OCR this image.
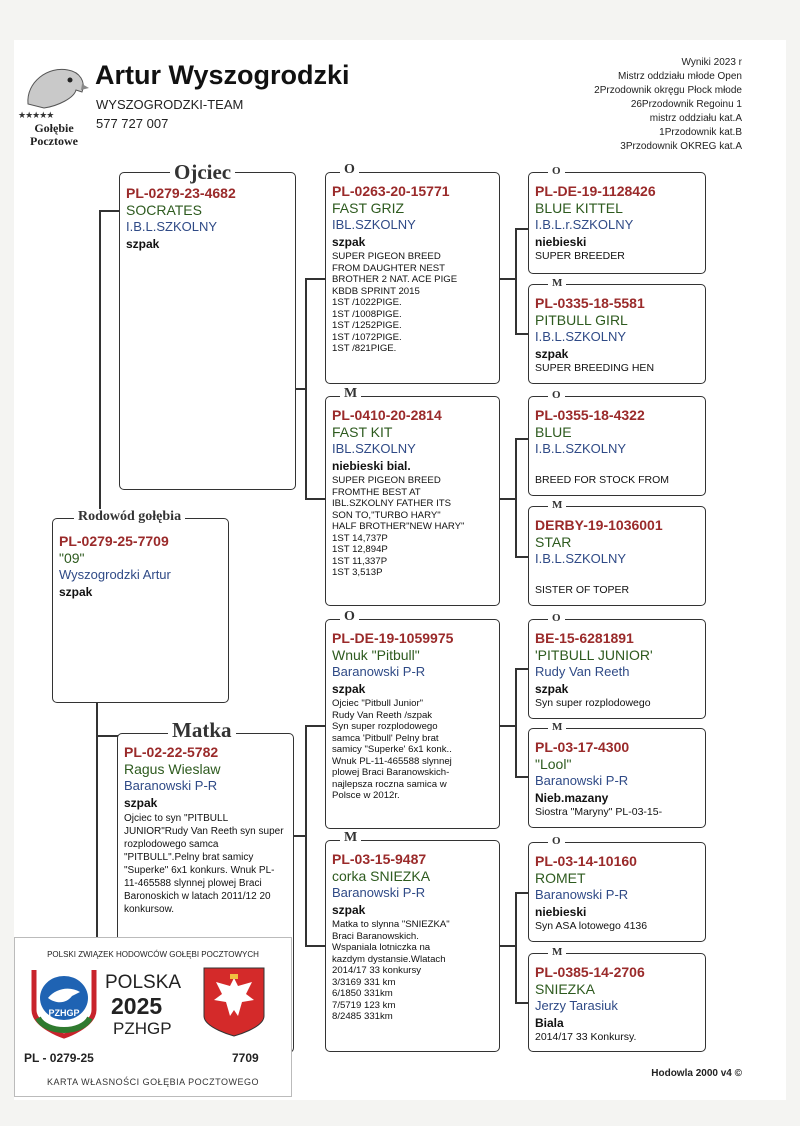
★★★★★
Gołębie Pocztowe
Artur Wyszogrodzki
WYSZOGRODZKI-TEAM
577 727 007
Wyniki 2023 r
Mistrz oddziału młode Open
2Przodownik okręgu Płock młode
26Przodownik Regoinu 1
mistrz oddziału kat.A
1Przodownik kat.B
3Przodownik OKREG kat.A
PL-0279-25-7709
"09"
Wyszogrodzki Artur
szpak
Rodowód gołębia
PL-0279-23-4682
SOCRATES
I.B.L.SZKOLNY
szpak
Ojciec
PL-02-22-5782
Ragus Wieslaw
Baranowski P-R
szpak
Ojciec to syn "PITBULL JUNIOR"Rudy Van Reeth syn super rozplodowego samca "PITBULL".Pelny brat samicy "Superke" 6x1 konkurs. Wnuk PL-11-465588 slynnej plowej Braci Baronoskich w latach 2011/12 20 konkursow.
Matka
PL-0263-20-15771
FAST GRIZ
IBL.SZKOLNY
szpak
SUPER PIGEON BREED
FROM DAUGHTER NEST
BROTHER 2 NAT. ACE PIGE
KBDB SPRINT 2015
1ST /1022PIGE.
1ST /1008PIGE.
1ST /1252PIGE.
1ST /1072PIGE.
1ST /821PIGE.
O
PL-0410-20-2814
FAST KIT
IBL.SZKOLNY
niebieski bial.
SUPER PIGEON BREED
FROMTHE BEST AT
IBL.SZKOLNY FATHER ITS
SON TO,"TURBO HARY"
HALF BROTHER"NEW HARY"
1ST 14,737P
1ST 12,894P
1ST 11,337P
1ST 3,513P
M
PL-DE-19-1059975
Wnuk "Pitbull"
Baranowski P-R
szpak
Ojciec "Pitbull Junior"
Rudy Van Reeth /szpak
Syn super rozplodowego
samca 'Pitbull' Pelny brat
samicy "Superke' 6x1 konk..
Wnuk PL-11-465588 slynnej
plowej Braci Baranowskich-
najlepsza roczna samica w
Polsce w 2012r.
O
PL-03-15-9487
corka SNIEZKA
Baranowski P-R
szpak
Matka to slynna "SNIEZKA"
Braci Baranowskich.
Wspaniala lotniczka na
kazdym dystansie.Wlatach
2014/17 33 konkursy
3/3169 331 km
6/1850 331km
7/5719 123 km
8/2485 331km
M
PL-DE-19-1128426
BLUE KITTEL
I.B.L.r.SZKOLNY
niebieski
SUPER BREEDER
O
PL-0335-18-5581
PITBULL GIRL
I.B.L.SZKOLNY
szpak
SUPER BREEDING HEN
M
PL-0355-18-4322
BLUE
I.B.L.SZKOLNY
BREED FOR STOCK FROM
O
DERBY-19-1036001
STAR
I.B.L.SZKOLNY
SISTER OF TOPER
M
BE-15-6281891
'PITBULL JUNIOR'
Rudy Van Reeth
szpak
Syn super rozplodowego
O
PL-03-17-4300
"Lool"
Baranowski P-R
Nieb.mazany
Siostra "Maryny" PL-03-15-
M
PL-03-14-10160
ROMET
Baranowski P-R
niebieski
Syn ASA lotowego 4136
O
PL-0385-14-2706
SNIEZKA
Jerzy Tarasiuk
Biala
2014/17 33 Konkursy.
M
Hodowla 2000 v4 ©
POLSKI ZWIĄZEK HODOWCÓW GOŁĘBI POCZTOWYCH
PZHGP
POLSKA
2025
PZHGP
PL - 0279-25	7709
KARTA WŁASNOŚCI GOŁĘBIA POCZTOWEGO
